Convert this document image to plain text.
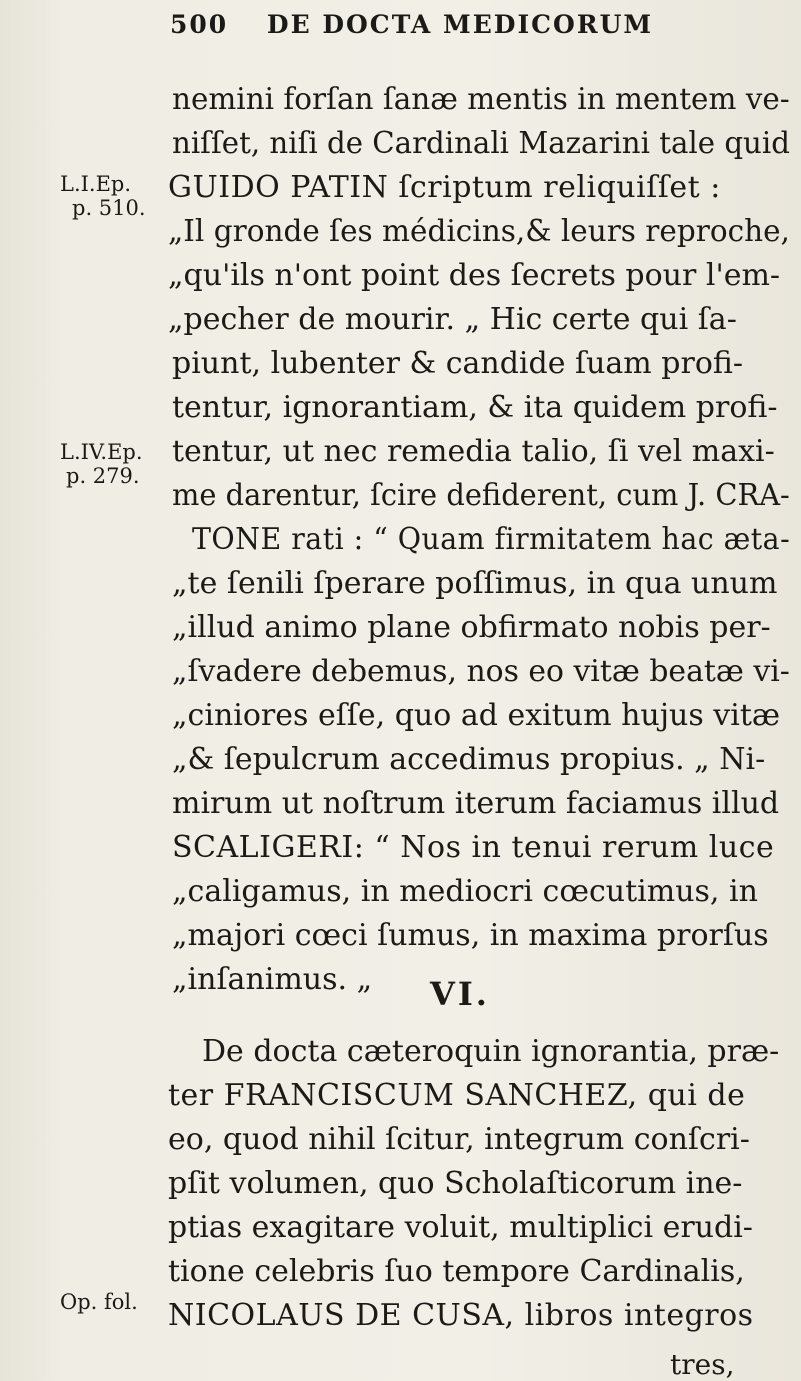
500 DE DOCTA MEDICORUM
L.I.Ep.
p. 510.
L.IV.Ep.
p. 279.
Op. fol.
nemini forſan ſanæ mentis in mentem ve-
niſſet, niſi de Cardinali Mazarini tale quid
GUIDO PATIN ſcriptum reliquiſſet :
„Il gronde ſes médicins,& leurs reproche,
„qu'ils n'ont point des ſecrets pour l'em-
„pecher de mourir. „ Hic certe qui ſa-
piunt, lubenter & candide ſuam profi-
tentur, ignorantiam, & ita quidem profi-
tentur, ut nec remedia talio, ſi vel maxi-
me darentur, ſcire defiderent, cum J. CRA-
TONE rati : “ Quam firmitatem hac æta-
„te ſenili ſperare poſſimus, in qua unum
„illud animo plane obfirmato nobis per-
„ſvadere debemus, nos eo vitæ beatæ vi-
„ciniores eſſe, quo ad exitum hujus vitæ
„& ſepulcrum accedimus propius. „ Ni-
mirum ut noſtrum iterum faciamus illud
SCALIGERI: “ Nos in tenui rerum luce
„caligamus, in mediocri cœcutimus, in
„majori cœci ſumus, in maxima prorſus
„inſanimus. „ VI.
De docta cæteroquin ignorantia, præ-
ter FRANCISCUM SANCHEZ, qui de
eo, quod nihil ſcitur, integrum conſcri-
pſit volumen, quo Scholaſticorum ine-
ptias exagitare voluit, multiplici erudi-
tione celebris ſuo tempore Cardinalis,
NICOLAUS DE CUSA, libros integros
tres,
